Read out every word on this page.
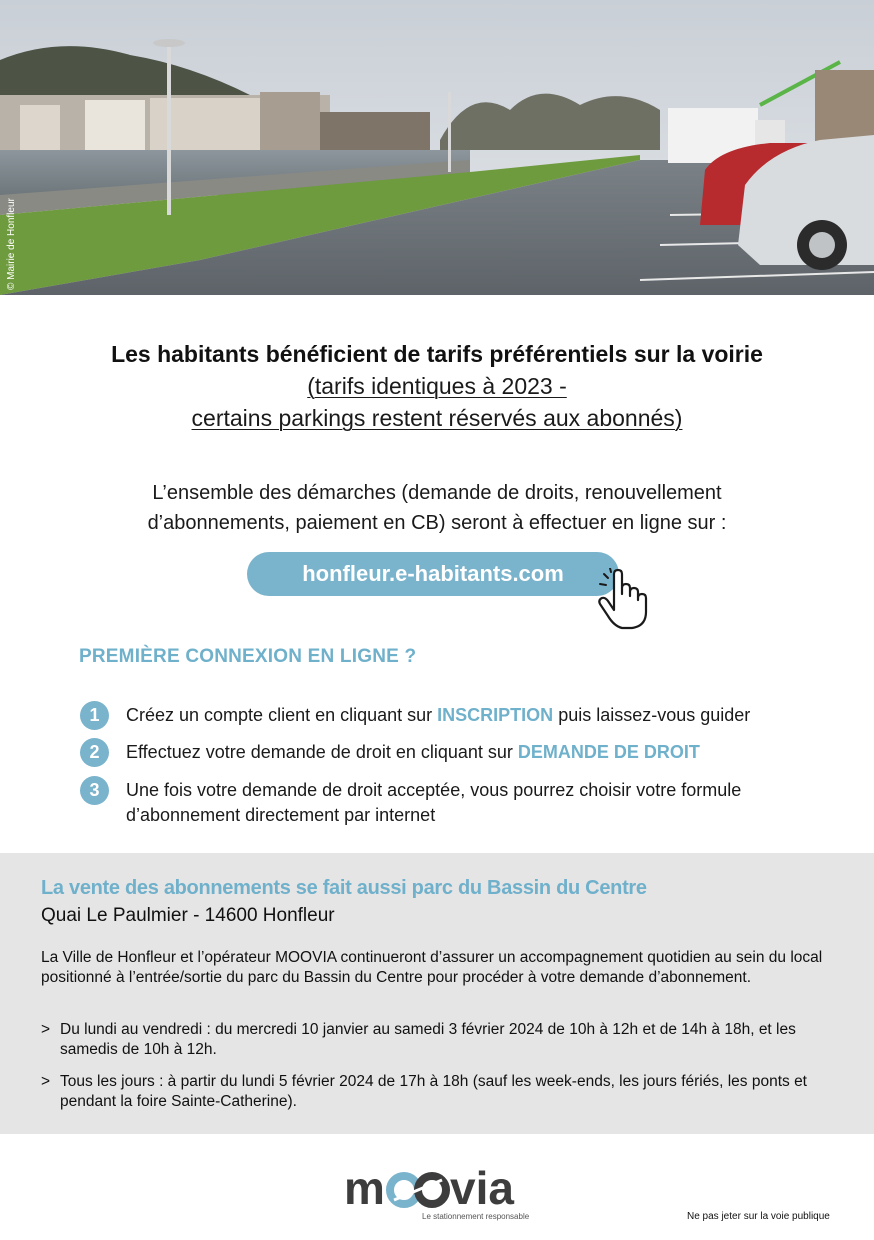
© Mairie de Honfleur
Les habitants bénéficient de tarifs préférentiels sur la voirie
(tarifs identiques à 2023 -
certains parkings restent réservés aux abonnés)
L’ensemble des démarches (demande de droits, renouvellement
d’abonnements, paiement en CB) seront à effectuer en ligne sur :
honfleur.e-habitants.com
PREMIÈRE CONNEXION EN LIGNE ?
1	Créez un compte client en cliquant sur INSCRIPTION puis laissez-vous guider
2	Effectuez votre demande de droit en cliquant sur DEMANDE DE DROIT
3	Une fois votre demande de droit acceptée, vous pourrez choisir votre formule
d’abonnement directement par internet
La vente des abonnements se fait aussi parc du Bassin du Centre
Quai Le Paulmier - 14600 Honfleur
La Ville de Honfleur et l’opérateur MOOVIA continueront d’assurer un accompagnement quotidien au sein du local positionné à l’entrée/sortie du parc du Bassin du Centre pour procéder à votre demande d’abonnement.
> Du lundi au vendredi : du mercredi 10 janvier au samedi 3 février 2024 de 10h à 12h et de 14h à 18h, et les samedis de 10h à 12h.
> Tous les jours : à partir du lundi 5 février 2024 de 17h à 18h (sauf les week-ends, les jours fériés, les ponts et pendant la foire Sainte-Catherine).
m via
Le stationnement responsable	Ne pas jeter sur la voie publique
